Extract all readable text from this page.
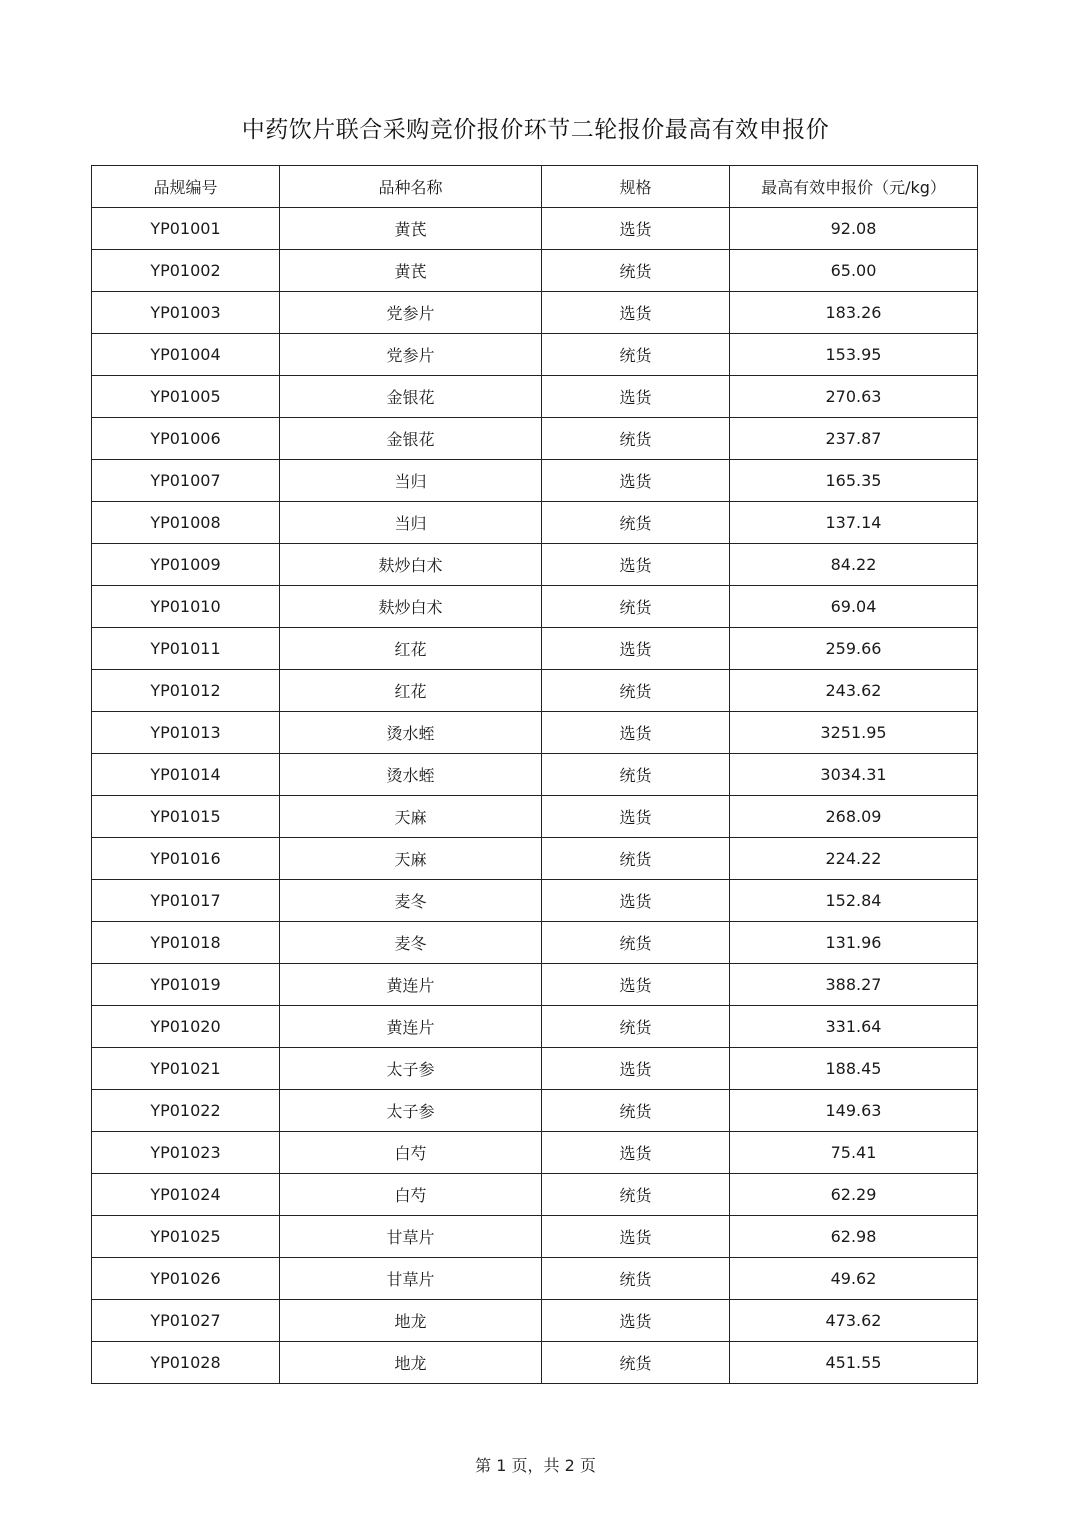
中药饮片联合采购竞价报价环节二轮报价最高有效申报价
品规编号	品种名称	规格	最高有效申报价（元/kg）
YP01001	黄芪	选货	92.08
YP01002	黄芪	统货	65.00
YP01003	党参片	选货	183.26
YP01004	党参片	统货	153.95
YP01005	金银花	选货	270.63
YP01006	金银花	统货	237.87
YP01007	当归	选货	165.35
YP01008	当归	统货	137.14
YP01009	麸炒白术	选货	84.22
YP01010	麸炒白术	统货	69.04
YP01011	红花	选货	259.66
YP01012	红花	统货	243.62
YP01013	烫水蛭	选货	3251.95
YP01014	烫水蛭	统货	3034.31
YP01015	天麻	选货	268.09
YP01016	天麻	统货	224.22
YP01017	麦冬	选货	152.84
YP01018	麦冬	统货	131.96
YP01019	黄连片	选货	388.27
YP01020	黄连片	统货	331.64
YP01021	太子参	选货	188.45
YP01022	太子参	统货	149.63
YP01023	白芍	选货	75.41
YP01024	白芍	统货	62.29
YP01025	甘草片	选货	62.98
YP01026	甘草片	统货	49.62
YP01027	地龙	选货	473.62
YP01028	地龙	统货	451.55
第 1 页，共 2 页
